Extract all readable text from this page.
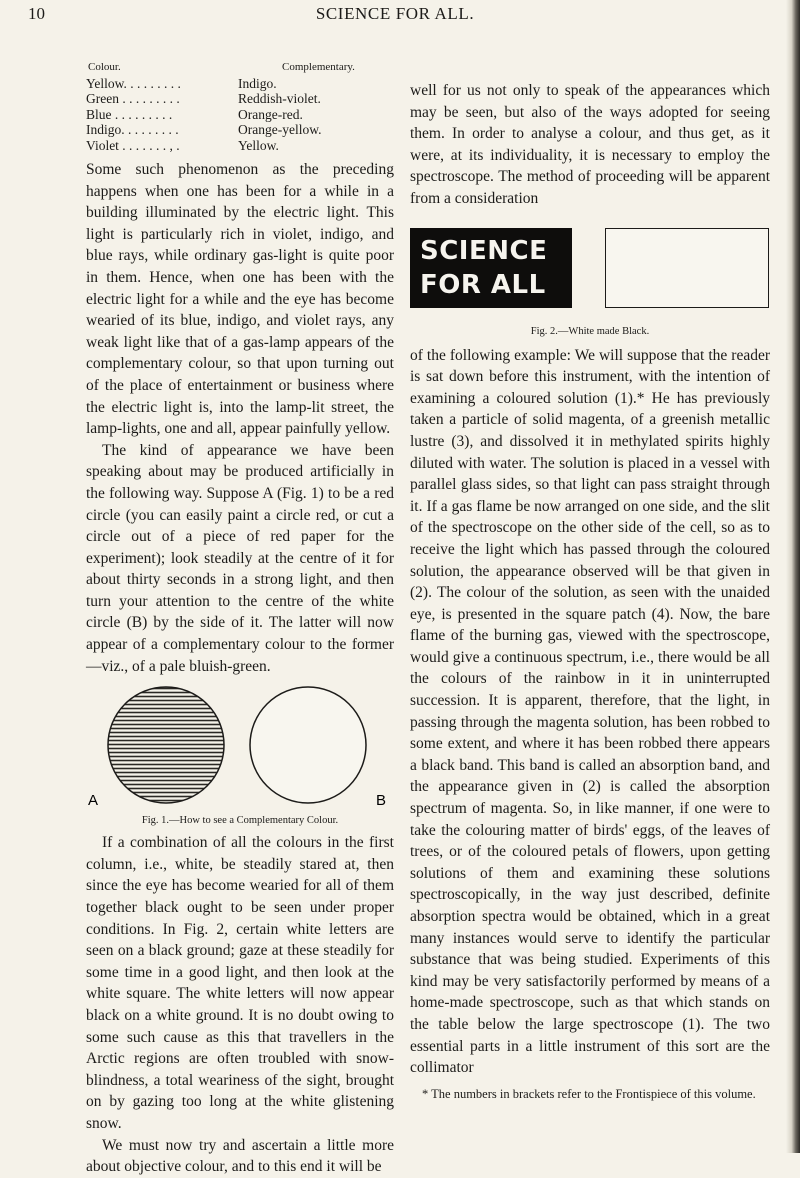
10	SCIENCE FOR ALL.
Colour.	Complementary.
Yellow. . . . . . . . .	Indigo.
Green . . . . . . . . .	Reddish-violet.
Blue . . . . . . . . .	Orange-red.
Indigo. . . . . . . . .	Orange-yellow.
Violet . . . . . . . , .	Yellow.

Some such phenomenon as the preceding happens when one has been for a while in a building illuminated by the electric light. This light is particularly rich in violet, indigo, and blue rays, while ordinary gas-light is quite poor in them. Hence, when one has been with the electric light for a while and the eye has become wearied of its blue, indigo, and violet rays, any weak light like that of a gas-lamp appears of the complementary colour, so that upon turning out of the place of entertainment or business where the electric light is, into the lamp-lit street, the lamp-lights, one and all, appear painfully yellow.

The kind of appearance we have been speaking about may be produced artificially in the following way. Suppose A (Fig. 1) to be a red circle (you can easily paint a circle red, or cut a circle out of a piece of red paper for the experiment); look steadily at the centre of it for about thirty seconds in a strong light, and then turn your attention to the centre of the white circle (B) by the side of it. The latter will now appear of a complementary colour to the former—viz., of a pale bluish-green.

A	B
Fig. 1.—How to see a Complementary Colour.

If a combination of all the colours in the first column, i.e., white, be steadily stared at, then since the eye has become wearied for all of them together black ought to be seen under proper conditions. In Fig. 2, certain white letters are seen on a black ground; gaze at these steadily for some time in a good light, and then look at the white square. The white letters will now appear black on a white ground. It is no doubt owing to some such cause as this that travellers in the Arctic regions are often troubled with snow-blindness, a total weariness of the sight, brought on by gazing too long at the white glistening snow.

We must now try and ascertain a little more about objective colour, and to this end it will be

well for us not only to speak of the appearances which may be seen, but also of the ways adopted for seeing them. In order to analyse a colour, and thus get, as it were, at its individuality, it is necessary to employ the spectroscope. The method of proceeding will be apparent from a consideration

SCIENCE
FOR ALL
Fig. 2.—White made Black.

of the following example: We will suppose that the reader is sat down before this instrument, with the intention of examining a coloured solution (1).* He has previously taken a particle of solid magenta, of a greenish metallic lustre (3), and dissolved it in methylated spirits highly diluted with water. The solution is placed in a vessel with parallel glass sides, so that light can pass straight through it. If a gas flame be now arranged on one side, and the slit of the spectroscope on the other side of the cell, so as to receive the light which has passed through the coloured solution, the appearance observed will be that given in (2). The colour of the solution, as seen with the unaided eye, is presented in the square patch (4). Now, the bare flame of the burning gas, viewed with the spectroscope, would give a continuous spectrum, i.e., there would be all the colours of the rainbow in it in uninterrupted succession. It is apparent, therefore, that the light, in passing through the magenta solution, has been robbed to some extent, and where it has been robbed there appears a black band. This band is called an absorption band, and the appearance given in (2) is called the absorption spectrum of magenta. So, in like manner, if one were to take the colouring matter of birds' eggs, of the leaves of trees, or of the coloured petals of flowers, upon getting solutions of them and examining these solutions spectroscopically, in the way just described, definite absorption spectra would be obtained, which in a great many instances would serve to identify the particular substance that was being studied. Experiments of this kind may be very satisfactorily performed by means of a home-made spectroscope, such as that which stands on the table below the large spectroscope (1). The two essential parts in a little instrument of this sort are the collimator

* The numbers in brackets refer to the Frontispiece of this volume.
